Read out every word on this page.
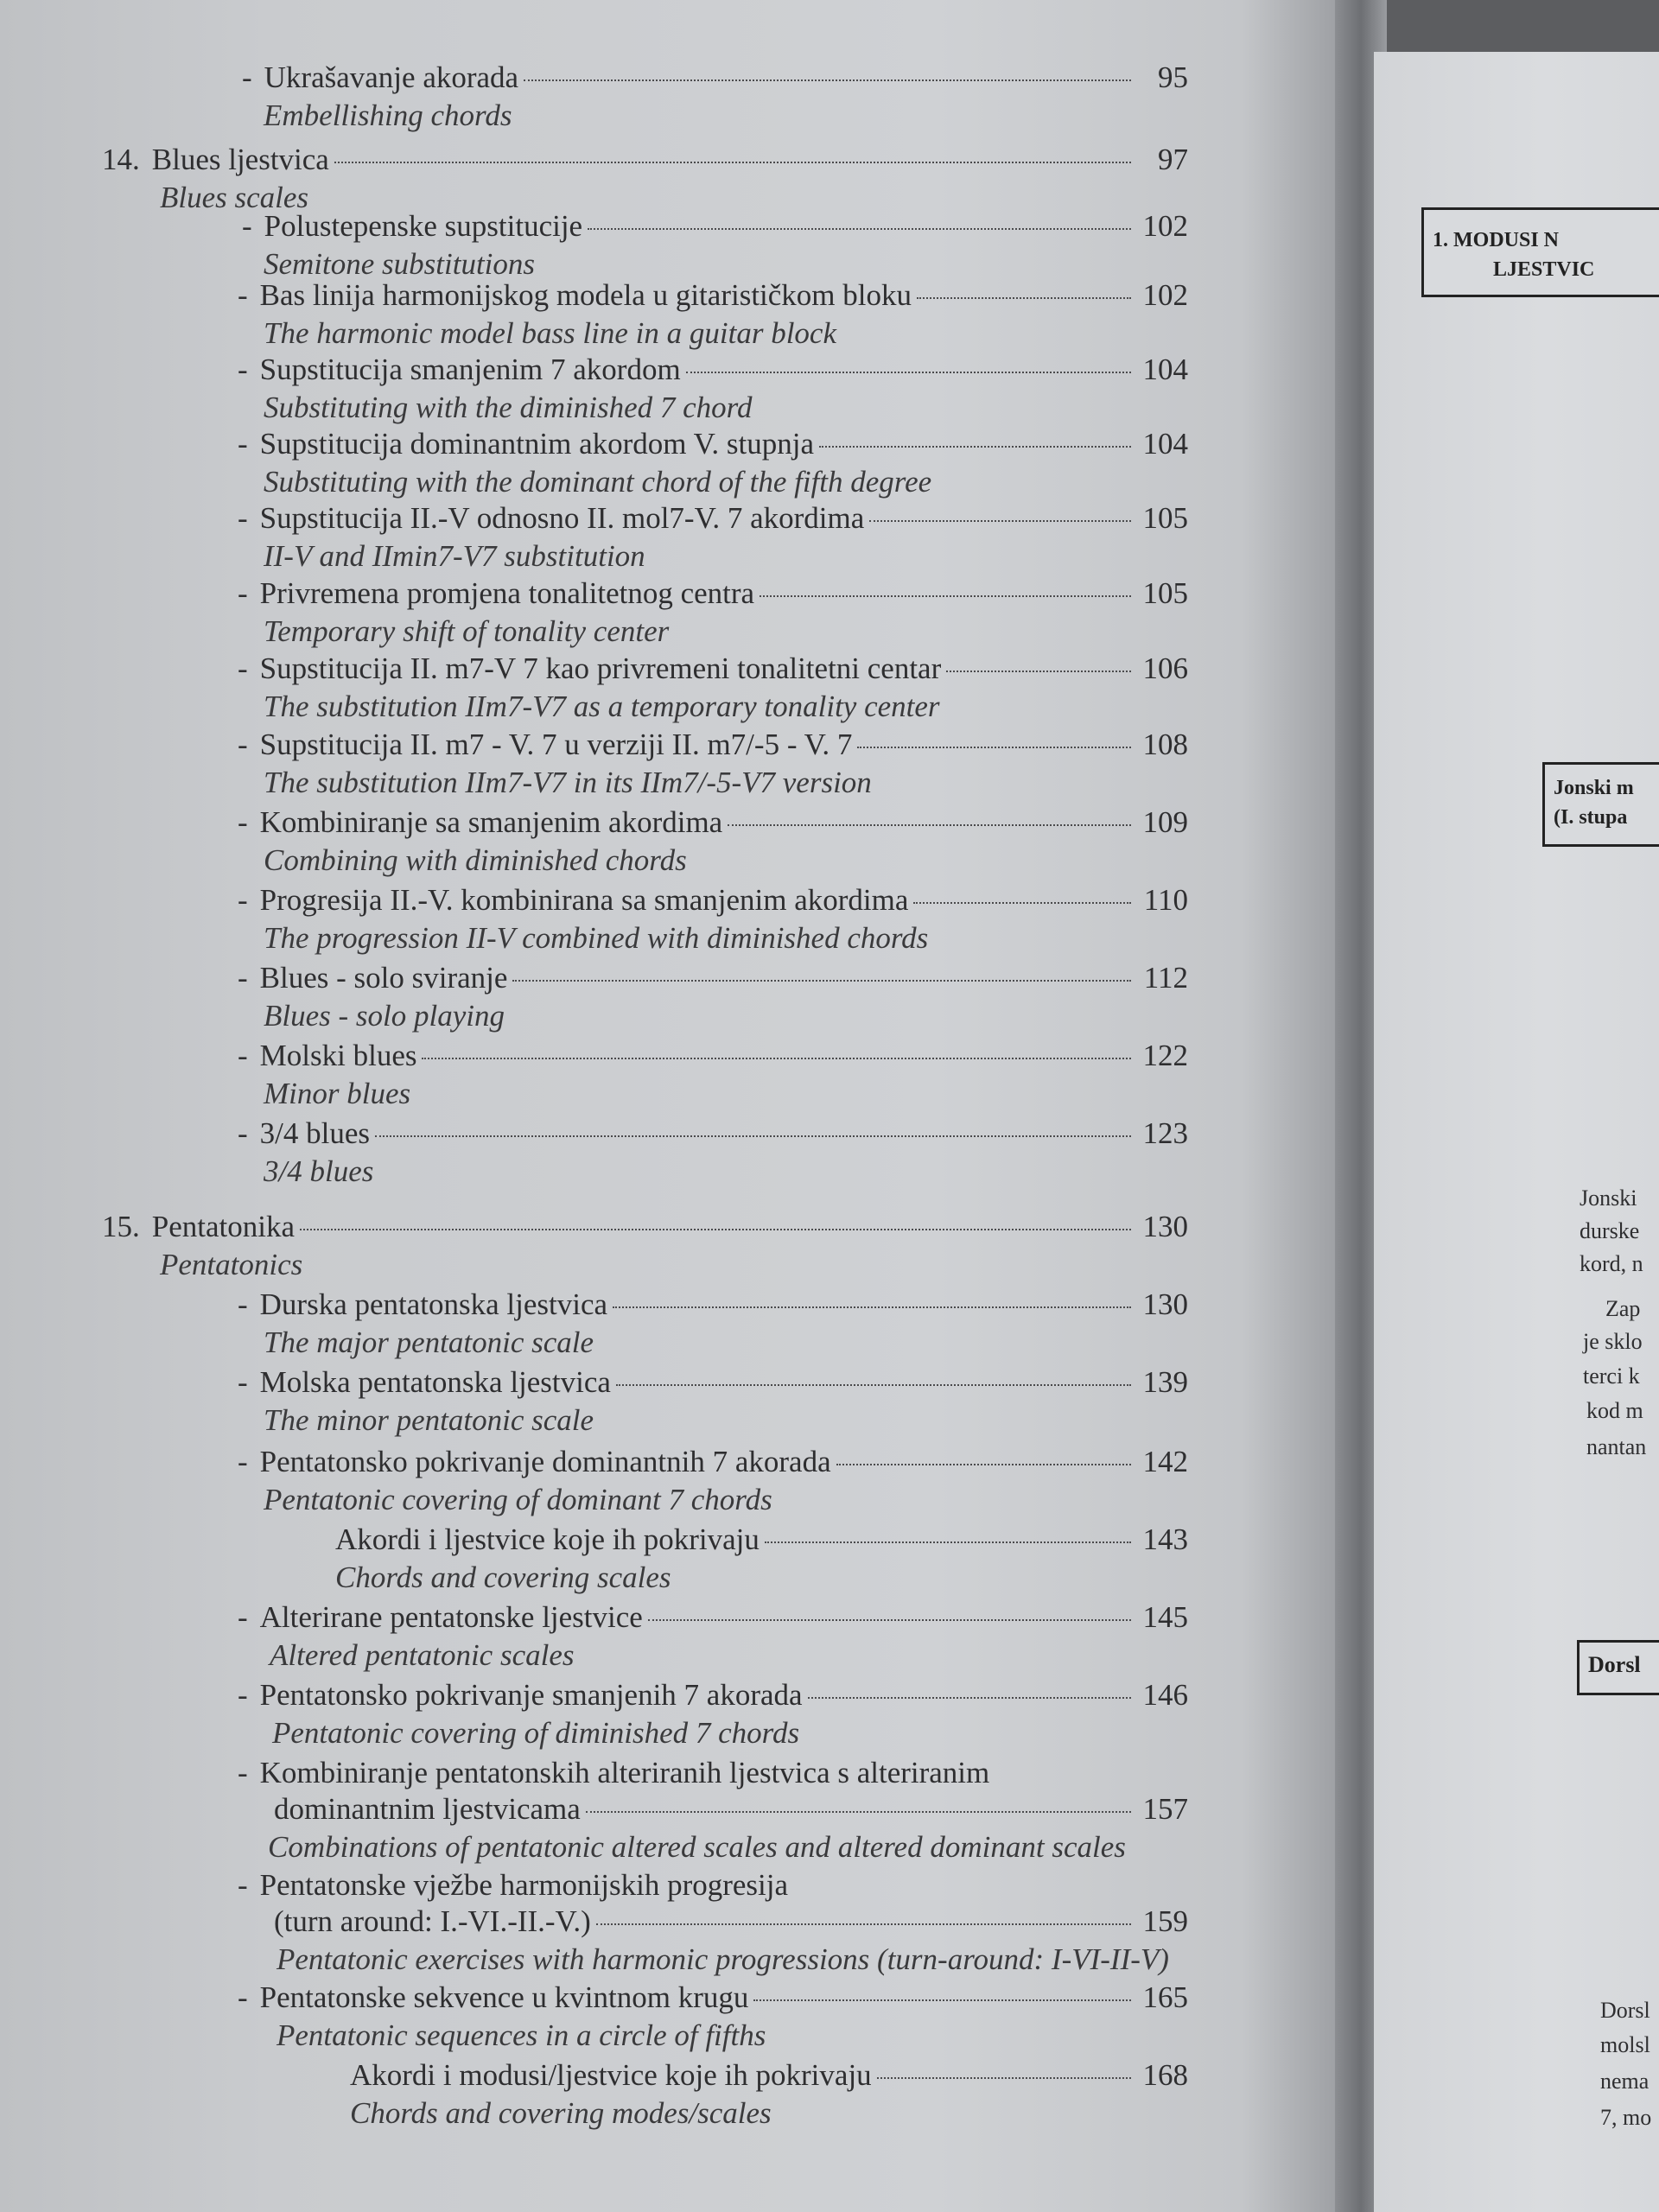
- Ukrašavanje akorada	95
Embellishing chords
14. Blues ljestvica	97
Blues scales
- Polustepenske supstitucije	102
Semitone substitutions
- Bas linija harmonijskog modela u gitarističkom bloku	102
The harmonic model bass line in a guitar block
- Supstitucija smanjenim 7 akordom	104
Substituting with the diminished 7 chord
- Supstitucija dominantnim akordom V. stupnja	104
Substituting with the dominant chord of the fifth degree
- Supstitucija II.-V odnosno II. mol7-V. 7 akordima	105
II-V and IImin7-V7 substitution
- Privremena promjena tonalitetnog centra	105
Temporary shift of tonality center
- Supstitucija II. m7-V 7 kao privremeni tonalitetni centar	106
The substitution IIm7-V7 as a temporary tonality center
- Supstitucija II. m7 - V. 7 u verziji II. m7/-5 - V. 7	108
The substitution IIm7-V7 in its IIm7/-5-V7 version
- Kombiniranje sa smanjenim akordima	109
Combining with diminished chords
- Progresija II.-V. kombinirana sa smanjenim akordima	110
The progression II-V combined with diminished chords
- Blues - solo sviranje	112
Blues - solo playing
- Molski blues	122
Minor blues
- 3/4 blues	123
3/4 blues
15. Pentatonika	130
Pentatonics
- Durska pentatonska ljestvica	130
The major pentatonic scale
- Molska pentatonska ljestvica	139
The minor pentatonic scale
- Pentatonsko pokrivanje dominantnih 7 akorada	142
Pentatonic covering of dominant 7 chords
Akordi i ljestvice koje ih pokrivaju	143
Chords and covering scales
- Alterirane pentatonske ljestvice	145
Altered pentatonic scales
- Pentatonsko pokrivanje smanjenih 7 akorada	146
Pentatonic covering of diminished 7 chords
- Kombiniranje pentatonskih alteriranih ljestvica s alteriranim
dominantnim ljestvicama	157
Combinations of pentatonic altered scales and altered dominant scales
- Pentatonske vježbe harmonijskih progresija
(turn around: I.-VI.-II.-V.)	159
Pentatonic exercises with harmonic progressions (turn-around: I-VI-II-V)
- Pentatonske sekvence u kvintnom krugu	165
Pentatonic sequences in a circle of fifths
Akordi i modusi/ljestvice koje ih pokrivaju	168
Chords and covering modes/scales
1. MODUSI N
LJESTVIC
Jonski m
(I. stupa
Jonski
durske
kord, n
Zap
je sklo
terci k
kod m
nantan
Dorsl
Dorsl
molsl
nema
7, mo
